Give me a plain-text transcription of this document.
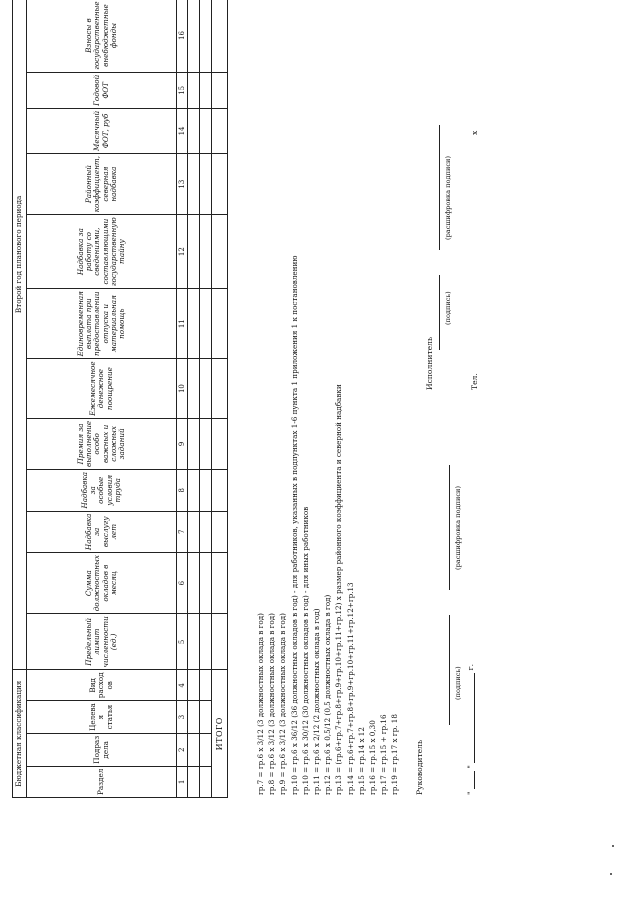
Бюджетная классификация				Второй год планового периода													
Раздел	Подраз дела	Целева я статья	Вид расход ов	Предельный лимит численности (ед.)	Сумма должностных окладов в месяц	Надбавка за выслугу лет	Надбавка за особые условия труда	Премия за выполнение особо важных и сложных заданий	Ежемесячное денежное поощрение	Единовременная выплата при предоставлении отпуска и материальная помощь	Надбавка за работу со сведениями, составляющими государственную тайну	Районный коэффициент, северная надбавка	Месячный ФОТ, руб	Годовой ФОТ	Взносы в государственные внебюджетные фонды		
1	2	3	4	5	6	7	8	9	10	11	12	13	14	15	16		

ИТОГО																		гр.7 = гр.6 х 3/12 (3 должностных оклада в год) гр.8 = гр.6 х 3/12 (3 должностных оклада в год) гр.9 = гр.6 х 3/12 (3 должностных оклада в год) гр.10 = гр.6 х 36/12 (36 должностных окладов в год) - для работников, указанных в подпунктах 1-6 пункта 1 приложения 1 к постановлению гр.10 = гр.6 х 30/12 (30 должностных окладов в год) - для иных работников гр.11 = гр.6 х 2/12 (2 должностных оклада в год) гр.12 = гр.6 х 0,5/12 (0,5 должностных оклада в год) гр.13 = (гр.6+гр.7+гр.8+гр.9+гр.10+гр.11+гр.12) х размер районного коэффициента и северной надбавки гр.14 = гр.6+гр.7+гр.8+гр.9+гр.10+гр.11+гр.12+гр.13 гр.15 = гр.14 х 12 гр.16 = гр.15 х 0,30 гр.17 = гр.15 + гр.16 гр.19 = гр.17 х гр. 18 Руководитель
(подпись)
(расшифровка подписи)
"  "  г.
Исполнитель
(подпись)
(расшифровка подписи)
Тел.
х
